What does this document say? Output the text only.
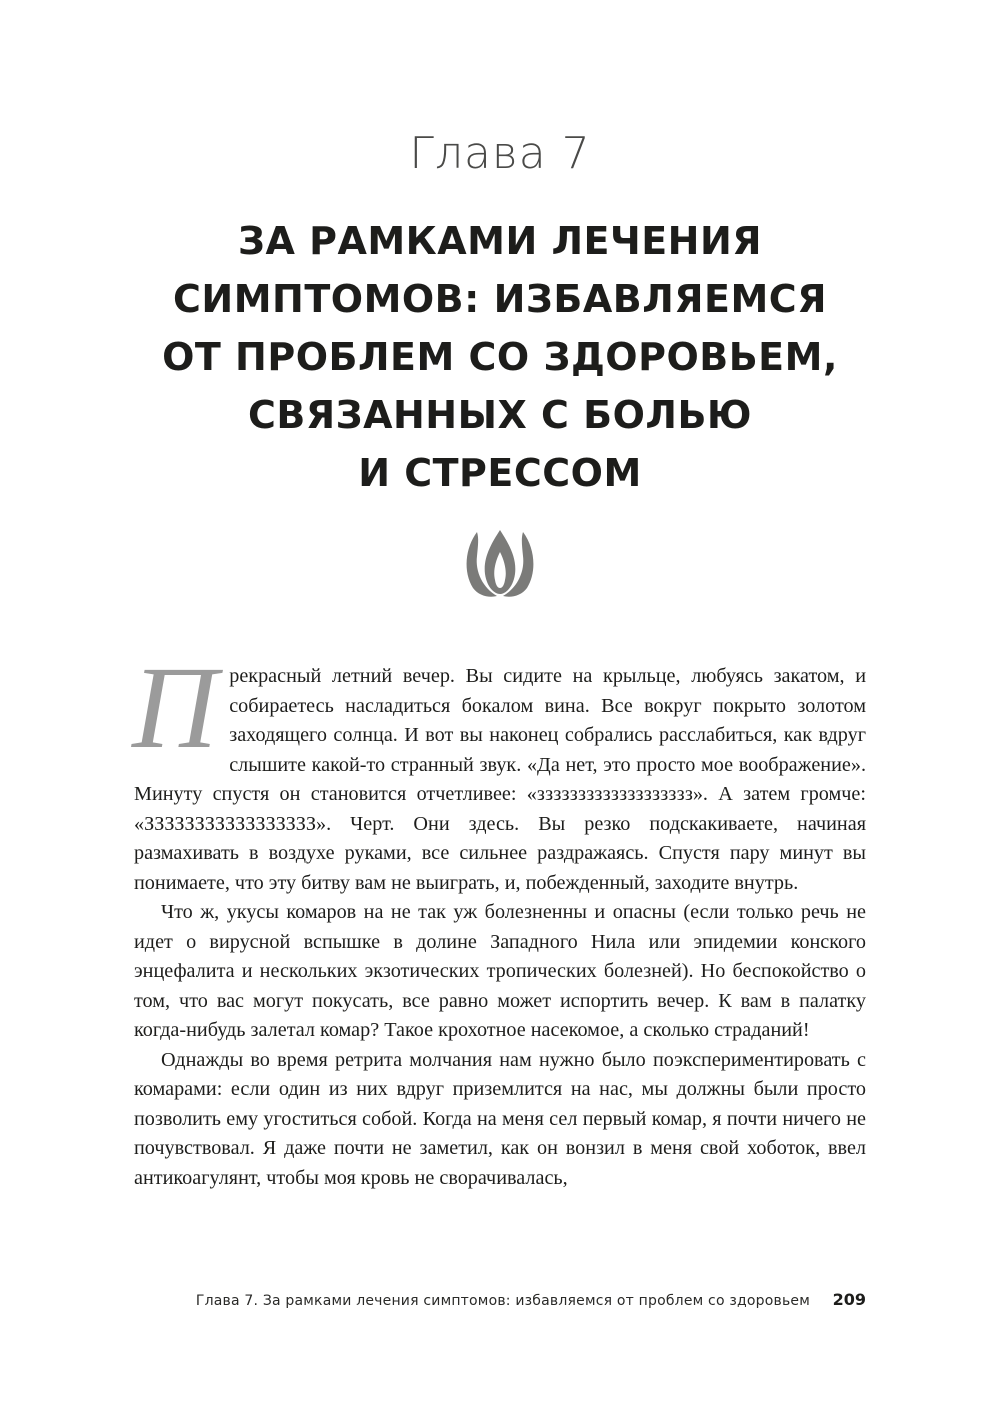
Глава 7
ЗА РАМКАМИ ЛЕЧЕНИЯ
СИМПТОМОВ: ИЗБАВЛЯЕМСЯ
ОТ ПРОБЛЕМ СО ЗДОРОВЬЕМ,
СВЯЗАННЫХ С БОЛЬЮ
И СТРЕССОМ

Прекрасный летний вечер. Вы сидите на крыльце, любуясь закатом, и собираетесь насладиться бокалом вина. Все вокруг покрыто золотом заходящего солнца. И вот вы наконец собрались расслабиться, как вдруг слышите какой-то странный звук. «Да нет, это просто мое воображение». Минуту спустя он становится отчетливее: «ззззззззззззззззззз». А затем громче: «ЗЗЗЗЗЗЗЗЗЗЗЗЗЗЗЗЗ». Черт. Они здесь. Вы резко подскакиваете, начиная размахивать в воздухе руками, все сильнее раздражаясь. Спустя пару минут вы понимаете, что эту битву вам не выиграть, и, побежденный, заходите внутрь.

Что ж, укусы комаров на не так уж болезненны и опасны (если только речь не идет о вирусной вспышке в долине Западного Нила или эпидемии конского энцефалита и нескольких экзотических тропических болезней). Но беспокойство о том, что вас могут покусать, все равно может испортить вечер. К вам в палатку когда-нибудь залетал комар? Такое крохотное насекомое, а сколько страданий!

Однажды во время ретрита молчания нам нужно было поэкспериментировать с комарами: если один из них вдруг приземлится на нас, мы должны были просто позволить ему угоститься собой. Когда на меня сел первый комар, я почти ничего не почувствовал. Я даже почти не заметил, как он вонзил в меня свой хоботок, ввел антикоагулянт, чтобы моя кровь не сворачивалась,

Глава 7. За рамками лечения симптомов: избавляемся от проблем со здоровьем	209
